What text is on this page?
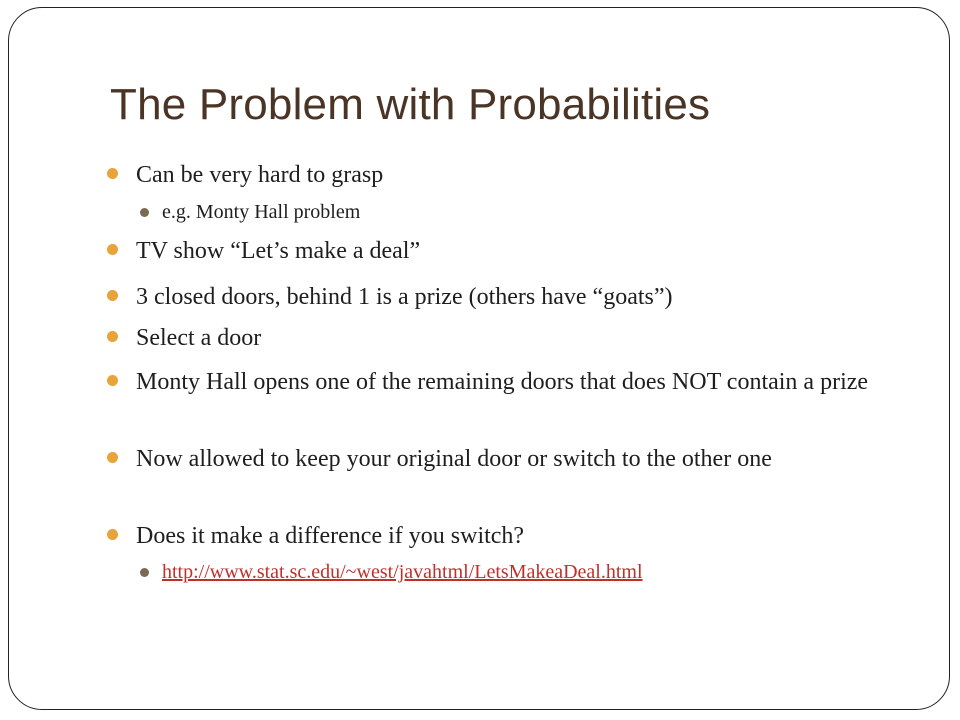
The Problem with Probabilities
Can be very hard to grasp
e.g. Monty Hall problem
TV show “Let’s make a deal”
3 closed doors, behind 1 is a prize (others have “goats”)
Select a door
Monty Hall opens one of the remaining doors that does NOT contain a prize
Now allowed to keep your original door or switch to the other one
Does it make a difference if you switch?
http://www.stat.sc.edu/~west/javahtml/LetsMakeaDeal.html
